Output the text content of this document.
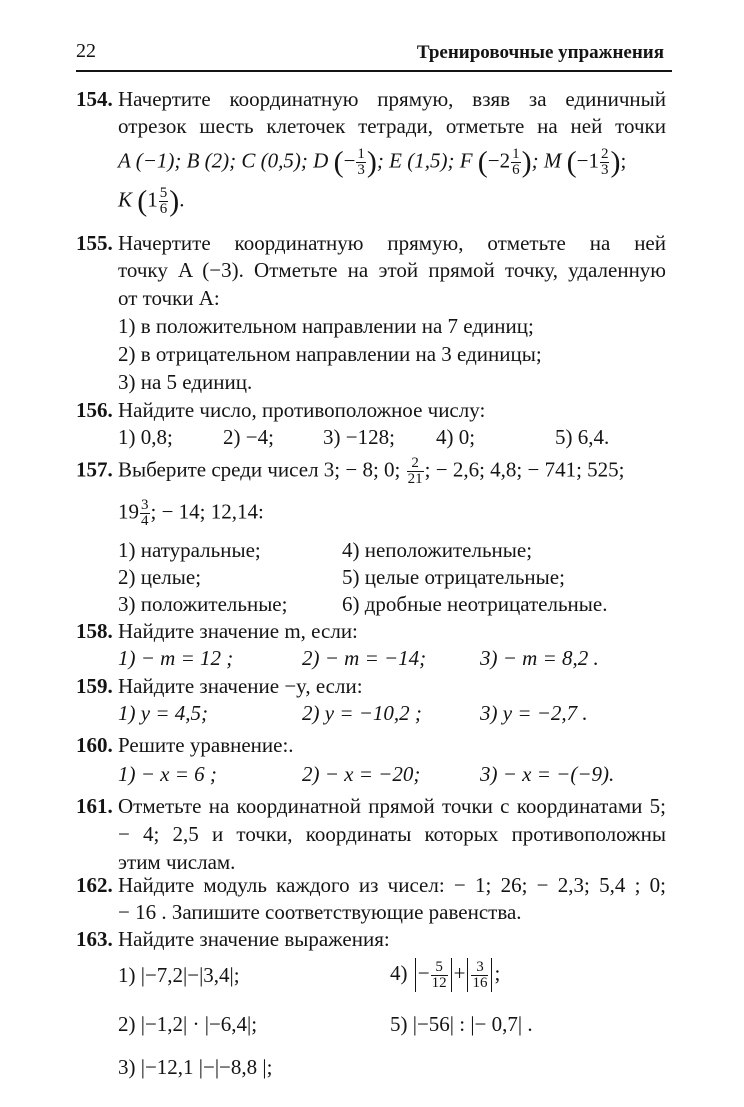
22	Тренировочные упражнения
154. Начертите координатную прямую, взяв за единичный
отрезок шесть клеточек тетради, отметьте на ней точки
A (−1); B (2); C (0,5); D (− $\frac{1}{3}$ ); E (1,5); F ($-2 \frac{1}{6}$ ); M ($-1 \frac{2}{3}$ );
K ($1 \frac{5}{6}$ ).
155. Начертите координатную прямую, отметьте на ней
точку A (−3). Отметьте на этой прямой точку, удаленную
от точки A:
1) в положительном направлении на 7 единиц;
2) в отрицательном направлении на 3 единицы;
3) на 5 единиц.
156. Найдите число, противоположное числу:
1) 0,8; 2) −4; 3) −128; 4) 0;	5) 6,4.
157. Выберите среди чисел 3; − 8; 0; $\frac{2}{21}$ ; − 2,6; 4,8; − 741; 525;
$19 \frac{3}{4}$ ; − 14; 12,14:
1) натуральные;	4) неположительные;
2) целые;	5) целые отрицательные;
3) положительные;	6) дробные неотрицательные.
158. Найдите значение m, если:
1) − m = 12 ;	2) − m = −14;	3) − m = 8,2 .
159. Найдите значение −y, если:
1) y = 4,5;	2) y = −10,2 ;	3) y = −2,7 .
160. Решите уравнение:.
1) − x = 6 ;	2) − x = −20;	3) − x = −(−9).
161. Отметьте на координатной прямой точки с координатами 5;
− 4; 2,5 и точки, координаты которых противоположны
этим числам.
162. Найдите модуль каждого из чисел: − 1; 26; − 2,3; 5,4 ; 0;
− 16 . Запишите соответствующие равенства.
163. Найдите значение выражения:
1) |−7,2|−|3,4|;	$4) - \frac{5}{12} + \frac{3}{16}$ ;
2) |−1,2| · |−6,4|;	5) |−56| : |− 0,7| .
3) |−12,1 |−|−8,8 |;
